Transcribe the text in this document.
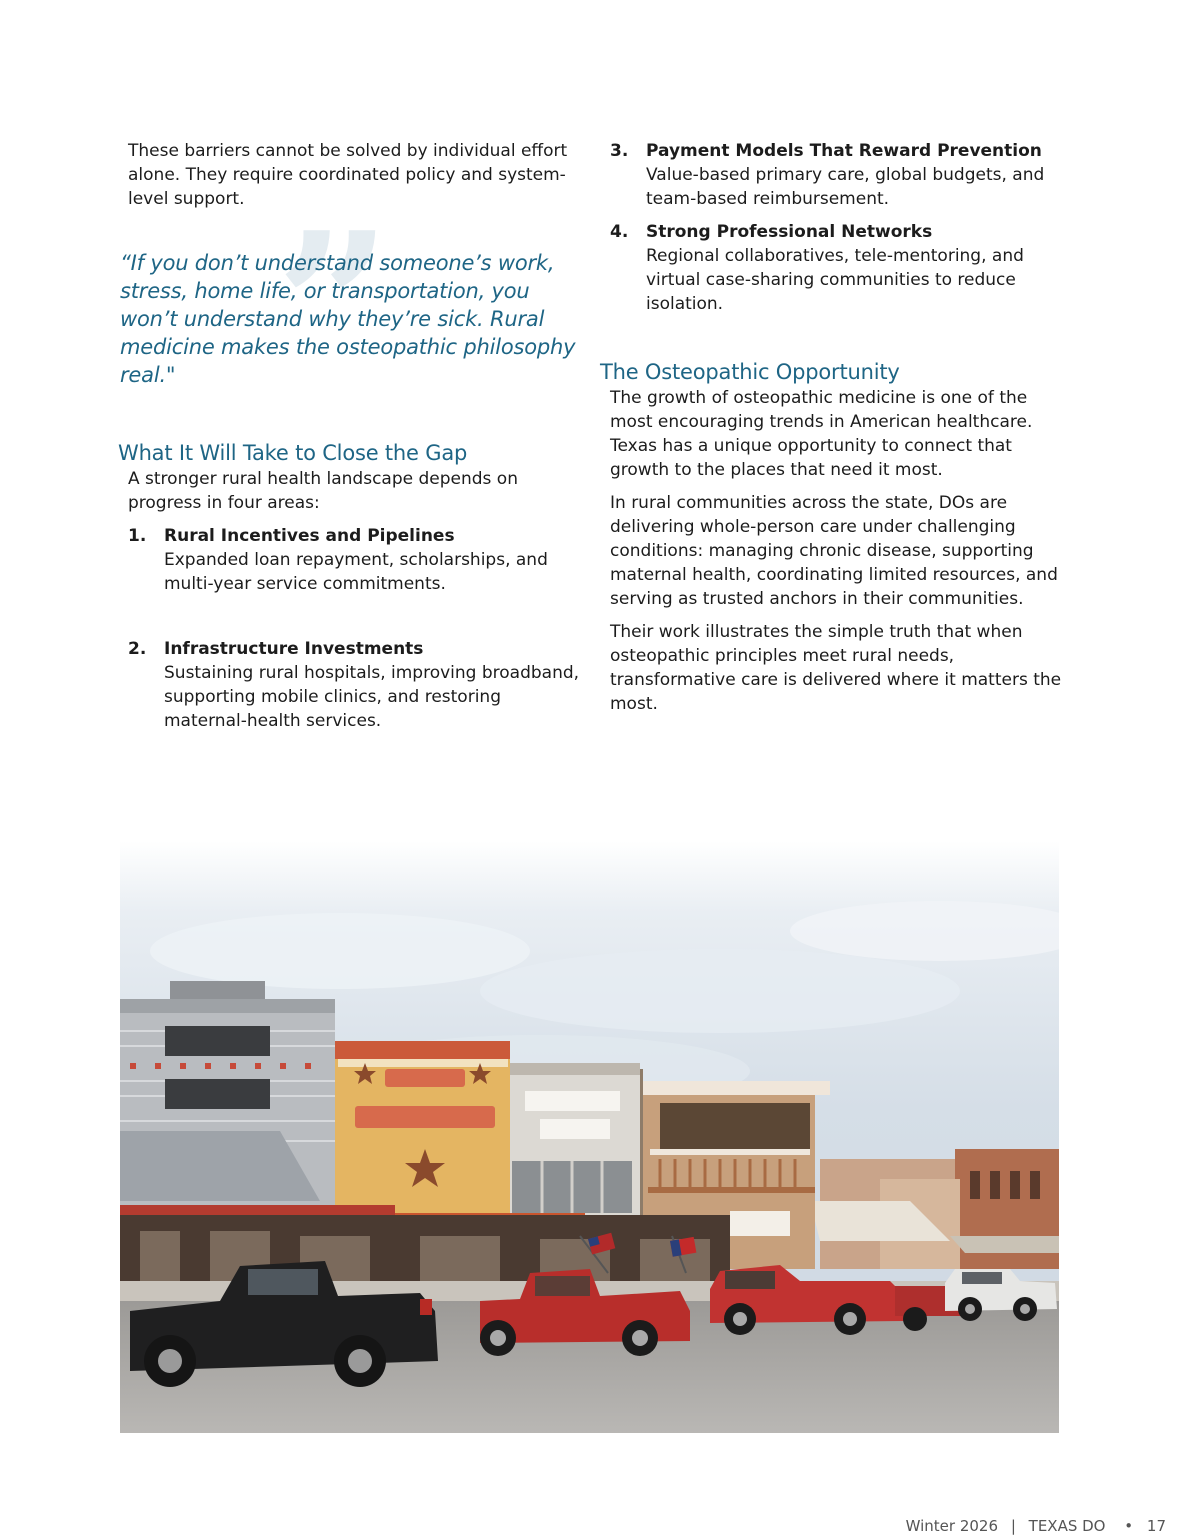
These barriers cannot be solved by individual effort alone. They require coordinated policy and system-level support. ”

“If you don’t understand someone’s work, stress, home life, or transportation, you won’t understand why they’re sick. Rural medicine makes the osteopathic philosophy real."

What It Will Take to Close the Gap

A stronger rural health landscape depends on progress in four areas:

1.	Rural Incentives and Pipelines
Expanded loan repayment, scholarships, and multi-year service commitments.
2.	Infrastructure Investments
Sustaining rural hospitals, improving broadband, supporting mobile clinics, and restoring maternal-health services.
3.	Payment Models That Reward Prevention
Value-based primary care, global budgets, and team-based reimbursement.
4.	Strong Professional Networks
Regional collaboratives, tele-mentoring, and virtual case-sharing communities to reduce isolation.
The Osteopathic Opportunity

The growth of osteopathic medicine is one of the most encouraging trends in American healthcare. Texas has a unique opportunity to connect that growth to the places that need it most.

In rural communities across the state, DOs are delivering whole-person care under challenging conditions: managing chronic disease, supporting maternal health, coordinating limited resources, and serving as trusted anchors in their communities.

Their work illustrates the simple truth that when osteopathic principles meet rural needs, transformative care is delivered where it matters the most.

Winter 2026 | TEXAS DO • 17
